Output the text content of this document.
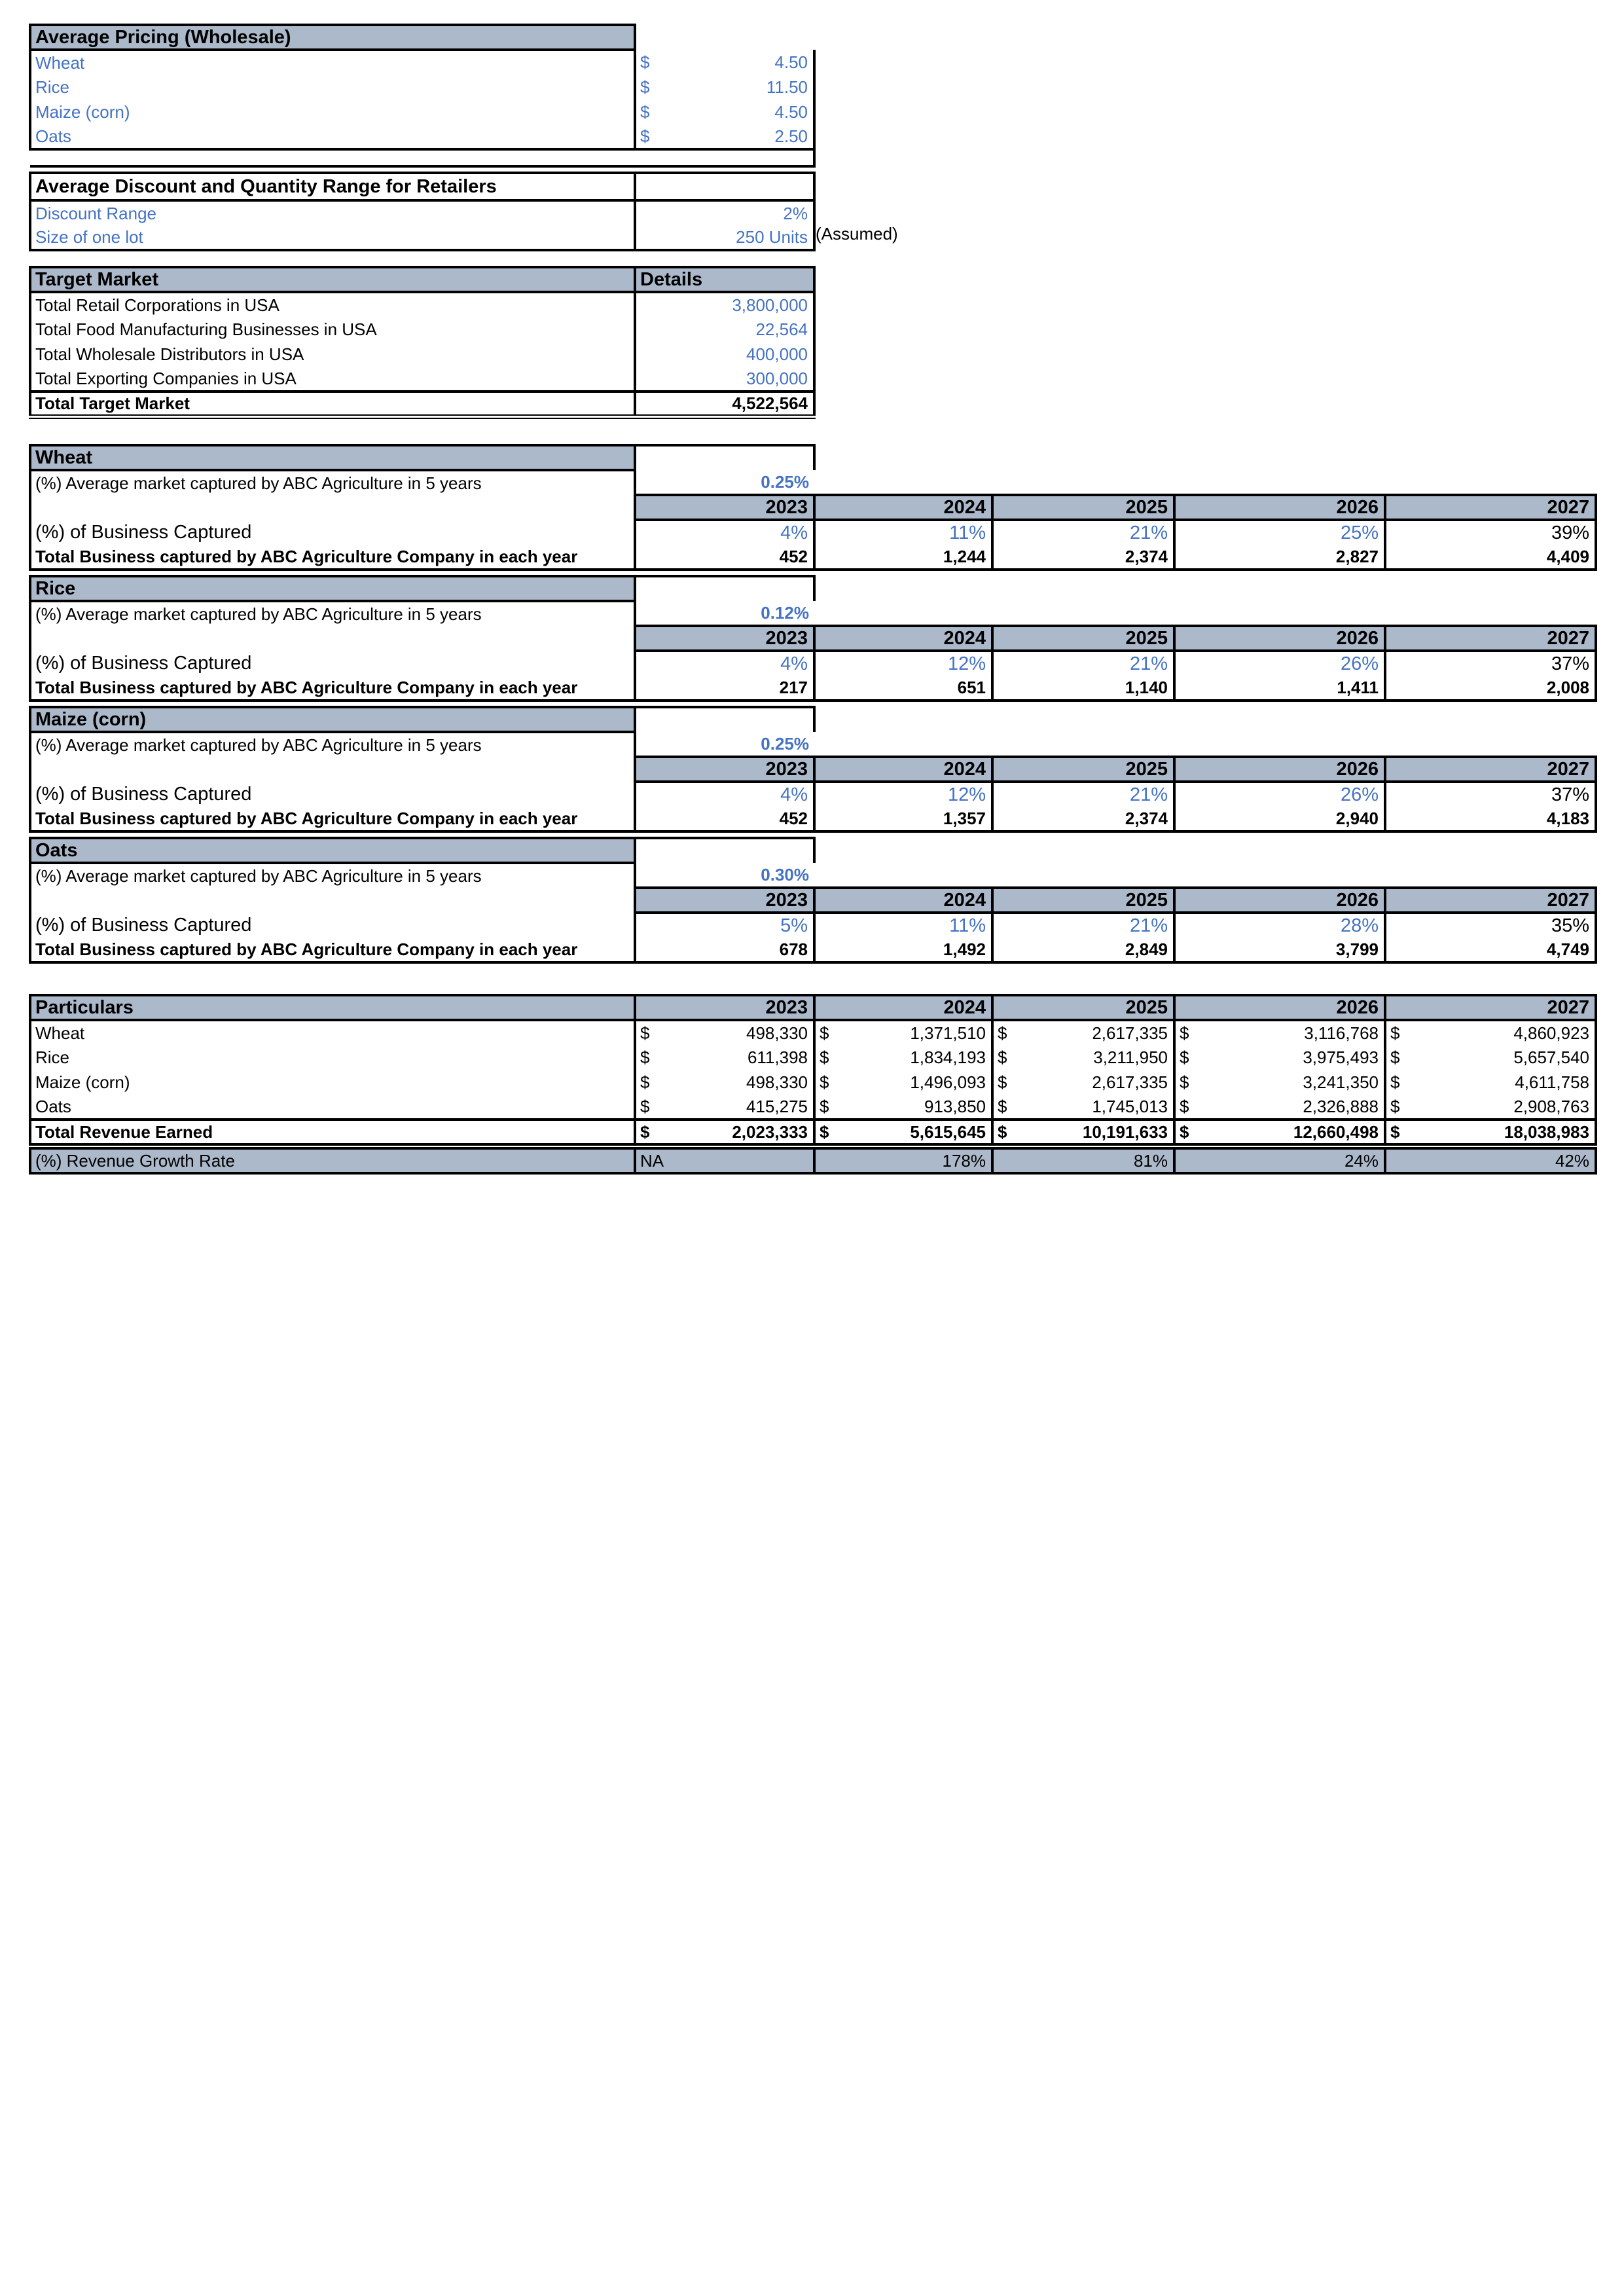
Average Pricing (Wholesale)	
Wheat	$ 4.50

Rice	$ 11.50

Maize (corn)	$ 4.50

Oats	$ 2.50

Average Discount and Quantity Range for Retailers	
Discount Range	2%
Size of one lot	250 Units (Assumed)
Target Market	Details
Total Retail Corporations in USA	3,800,000
Total Food Manufacturing Businesses in USA	22,564
Total Wholesale Distributors in USA	400,000
Total Exporting Companies in USA	300,000
Total Target Market	4,522,564
Wheat					
(%) Average market captured by ABC Agriculture in 5 years	0.25%				
	2023	2024	2025	2026	2027
(%) of Business Captured	4%	11%	21%	25%	39%
Total Business captured by ABC Agriculture Company in each year	452	1,244	2,374	2,827	4,409
Rice					
(%) Average market captured by ABC Agriculture in 5 years	0.12%				
	2023	2024	2025	2026	2027
(%) of Business Captured	4%	12%	21%	26%	37%
Total Business captured by ABC Agriculture Company in each year	217	651	1,140	1,411	2,008
Maize (corn)					
(%) Average market captured by ABC Agriculture in 5 years	0.25%				
	2023	2024	2025	2026	2027
(%) of Business Captured	4%	12%	21%	26%	37%
Total Business captured by ABC Agriculture Company in each year	452	1,357	2,374	2,940	4,183
Oats					
(%) Average market captured by ABC Agriculture in 5 years	0.30%				
	2023	2024	2025	2026	2027
(%) of Business Captured	5%	11%	21%	28%	35%
Total Business captured by ABC Agriculture Company in each year	678	1,492	2,849	3,799	4,749
Particulars	2023	2024	2025	2026	2027
Wheat	$ 498,330	$ 1,371,510	$ 2,617,335	$ 3,116,768	$ 4,860,923

Rice	$ 611,398	$ 1,834,193	$ 3,211,950	$ 3,975,493	$ 5,657,540

Maize (corn)	$ 498,330	$ 1,496,093	$ 2,617,335	$ 3,241,350	$ 4,611,758

Oats	$ 415,275	$ 913,850	$ 1,745,013	$ 2,326,888	$ 2,908,763

Total Revenue Earned	$ 2,023,333	$ 5,615,645	$ 10,191,633	$ 12,660,498	$ 18,038,983

(%) Revenue Growth Rate	NA	178%	81%	24%	42%
